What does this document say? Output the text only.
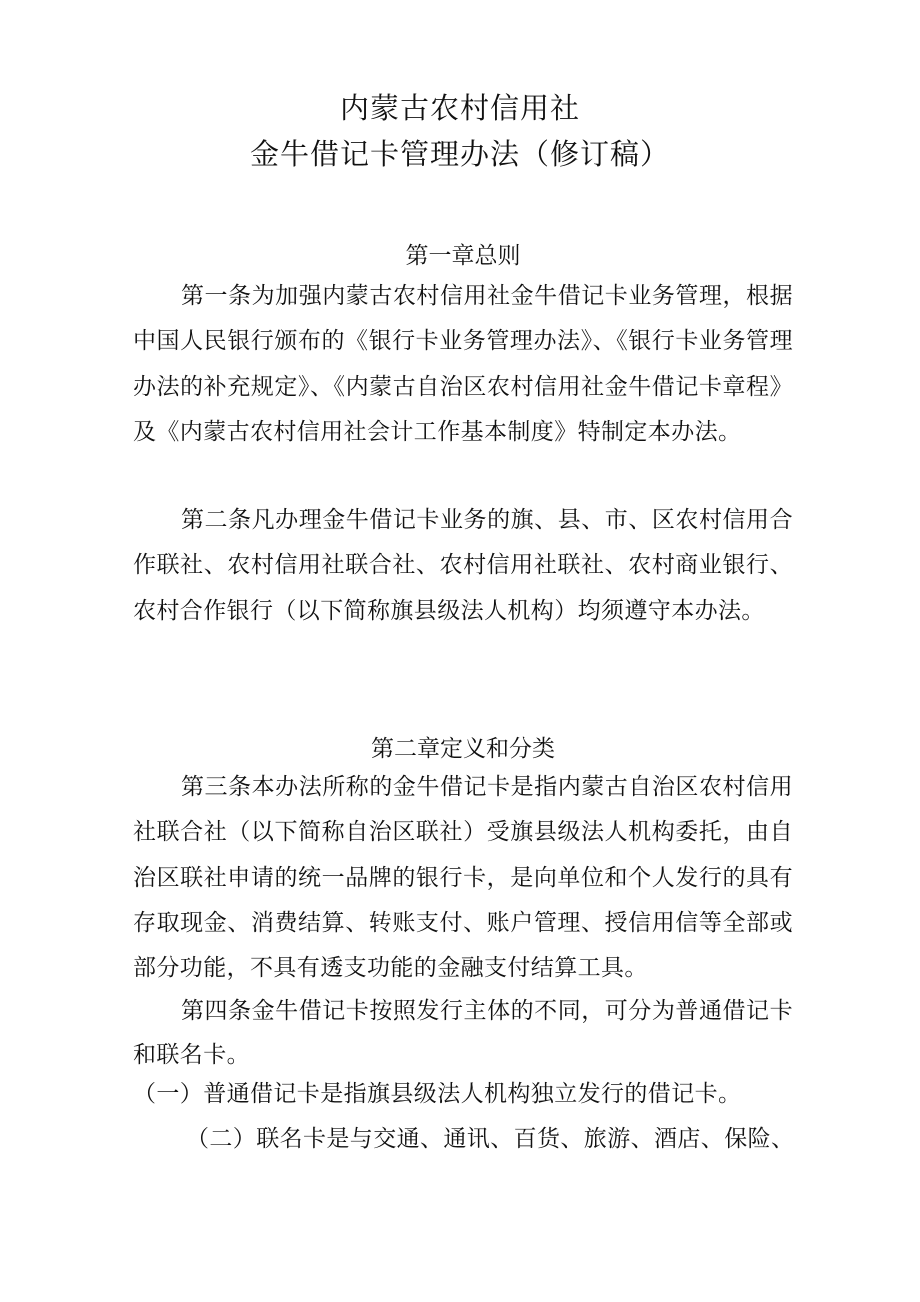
内蒙古农村信用社
金牛借记卡管理办法（修订稿）
第一章总则

第一条为加强内蒙古农村信用社金牛借记卡业务管理，根据中国人民银行颁布的《银行卡业务管理办法》、《银行卡业务管理办法的补充规定》、《内蒙古自治区农村信用社金牛借记卡章程》及《内蒙古农村信用社会计工作基本制度》特制定本办法。

第二条凡办理金牛借记卡业务的旗、县、市、区农村信用合作联社、农村信用社联合社、农村信用社联社、农村商业银行、农村合作银行（以下简称旗县级法人机构）均须遵守本办法。

第二章定义和分类

第三条本办法所称的金牛借记卡是指内蒙古自治区农村信用社联合社（以下简称自治区联社）受旗县级法人机构委托，由自治区联社申请的统一品牌的银行卡，是向单位和个人发行的具有存取现金、消费结算、转账支付、账户管理、授信用信等全部或部分功能，不具有透支功能的金融支付结算工具。

第四条金牛借记卡按照发行主体的不同，可分为普通借记卡和联名卡。

（一）普通借记卡是指旗县级法人机构独立发行的借记卡。
（二）联名卡是与交通、通讯、百货、旅游、酒店、保险、
